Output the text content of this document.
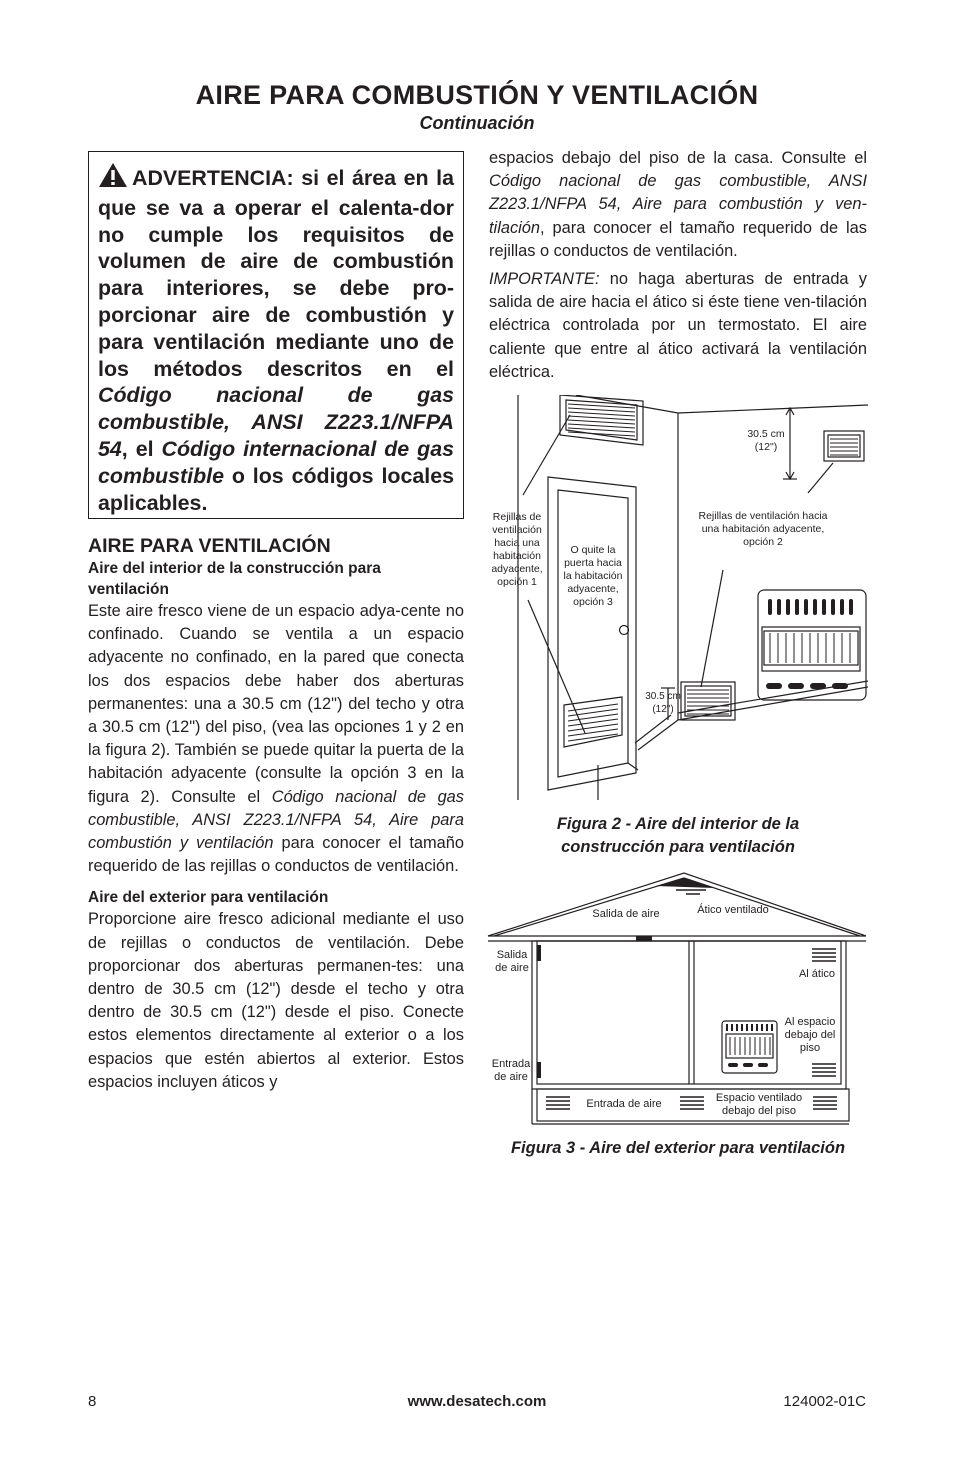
AIRE PARA COMBUSTIÓN Y VENTILACIÓN
Continuación

ADVERTENCIA: si el área en la que se va a operar el calenta-dor no cumple los requisitos de volumen de aire de combustión para interiores, se debe pro-porcionar aire de combustión y para ventilación mediante uno de los métodos descritos en el Código nacional de gas combustible, ANSI Z223.1/NFPA 54, el Código internacional de gas combustible o los códigos locales aplicables.

AIRE PARA VENTILACIÓN

Aire del interior de la construcción para ventilación

Este aire fresco viene de un espacio adya-cente no confinado. Cuando se ventila a un espacio adyacente no confinado, en la pared que conecta los dos espacios debe haber dos aberturas permanentes: una a 30.5 cm (12") del techo y otra a 30.5 cm (12") del piso, (vea las opciones 1 y 2 en la figura 2). También se puede quitar la puerta de la habitación adyacente (consulte la opción 3 en la figura 2). Consulte el Código nacional de gas combustible, ANSI Z223.1/NFPA 54, Aire para combustión y ventilación para conocer el tamaño requerido de las rejillas o conductos de ventilación.

Aire del exterior para ventilación

Proporcione aire fresco adicional mediante el uso de rejillas o conductos de ventilación. Debe proporcionar dos aberturas permanen-tes: una dentro de 30.5 cm (12") desde el techo y otra dentro de 30.5 cm (12") desde el piso. Conecte estos elementos directamente al exterior o a los espacios que estén abiertos al exterior. Estos espacios incluyen áticos y

espacios debajo del piso de la casa. Consulte el Código nacional de gas combustible, ANSI Z223.1/NFPA 54, Aire para combustión y ven-tilación, para conocer el tamaño requerido de las rejillas o conductos de ventilación.

IMPORTANTE: no haga aberturas de entrada y salida de aire hacia el ático si éste tiene ven-tilación eléctrica controlada por un termostato. El aire caliente que entre al ático activará la ventilación eléctrica.

Rejillas de ventilación hacia una habitación adyacente, opción 1
O quite la puerta hacia la habitación adyacente, opción 3
Rejillas de ventilación hacia una habitación adyacente, opción 2
30.5 cm
(12")
30.5 cm
(12")
Figura 2 - Aire del interior de la
construcción para ventilación
Salida de aire	Ático ventilado
Salida de aire	Al ático
Al espacio debajo del piso
Entrada de aire
Entrada de aire	Espacio ventilado debajo del piso
Figura 3 - Aire del exterior para ventilación
8	www.desatech.com	124002-01C
